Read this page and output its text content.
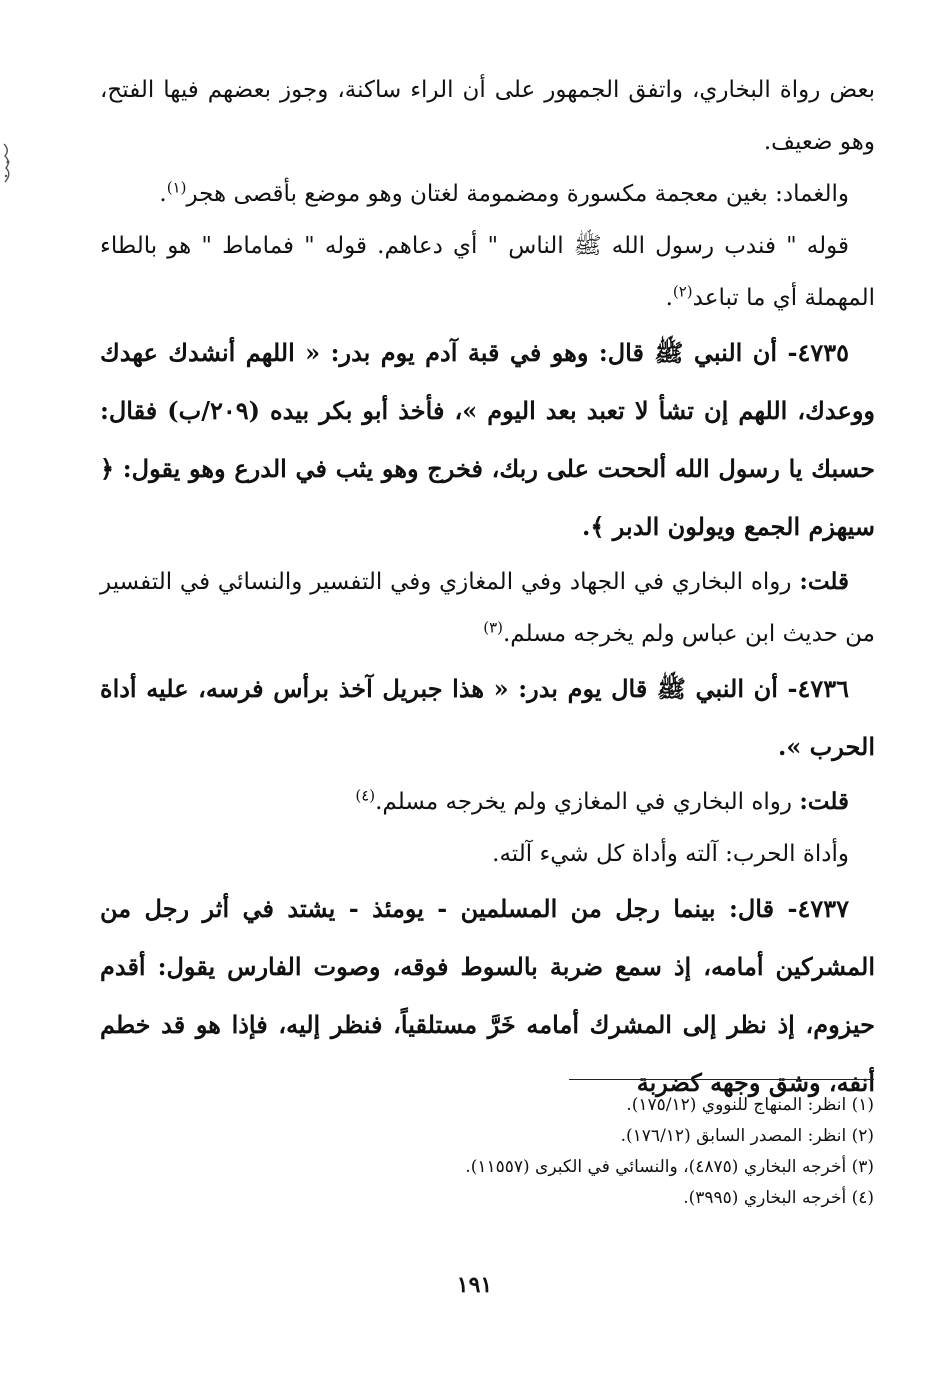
بعض رواة البخاري، واتفق الجمهور على أن الراء ساكنة، وجوز بعضهم فيها الفتح، وهو ضعيف.

والغماد: بغين معجمة مكسورة ومضمومة لغتان وهو موضع بأقصى هجر$^{(١)}$.

قوله " فندب رسول الله ﷺ الناس " أي دعاهم. قوله " فماماط " هو بالطاء المهملة أي ما تباعد$^{(٢)}$.

٤٧٣٥- أن النبي ﷺ قال: وهو في قبة آدم يوم بدر: « اللهم أنشدك عهدك ووعدك، اللهم إن تشأ لا تعبد بعد اليوم »، فأخذ أبو بكر بيده (٢٠٩/ب) فقال: حسبك يا رسول الله ألححت على ربك، فخرج وهو يثب في الدرع وهو يقول: ﴿ سيهزم الجمع ويولون الدبر ﴾.

قلت: رواه البخاري في الجهاد وفي المغازي وفي التفسير والنسائي في التفسير من حديث ابن عباس ولم يخرجه مسلم.$^{(٣)}$

٤٧٣٦- أن النبي ﷺ قال يوم بدر: « هذا جبريل آخذ برأس فرسه، عليه أداة الحرب ».

قلت: رواه البخاري في المغازي ولم يخرجه مسلم.$^{(٤)}$

وأداة الحرب: آلته وأداة كل شيء آلته.

٤٧٣٧- قال: بينما رجل من المسلمين - يومئذ - يشتد في أثر رجل من المشركين أمامه، إذ سمع ضربة بالسوط فوقه، وصوت الفارس يقول: أقدم حيزوم، إذ نظر إلى المشرك أمامه خَرَّ مستلقياً، فنظر إليه، فإذا هو قد خطم أنفه، وشق وجهه كضربة

(١) انظر: المنهاج للنووي (١٧٥/١٢).

(٢) انظر: المصدر السابق (١٧٦/١٢).

(٣) أخرجه البخاري (٤٨٧٥)، والنسائي في الكبرى (١١٥٥٧).

(٤) أخرجه البخاري (٣٩٩٥).

١٩١
